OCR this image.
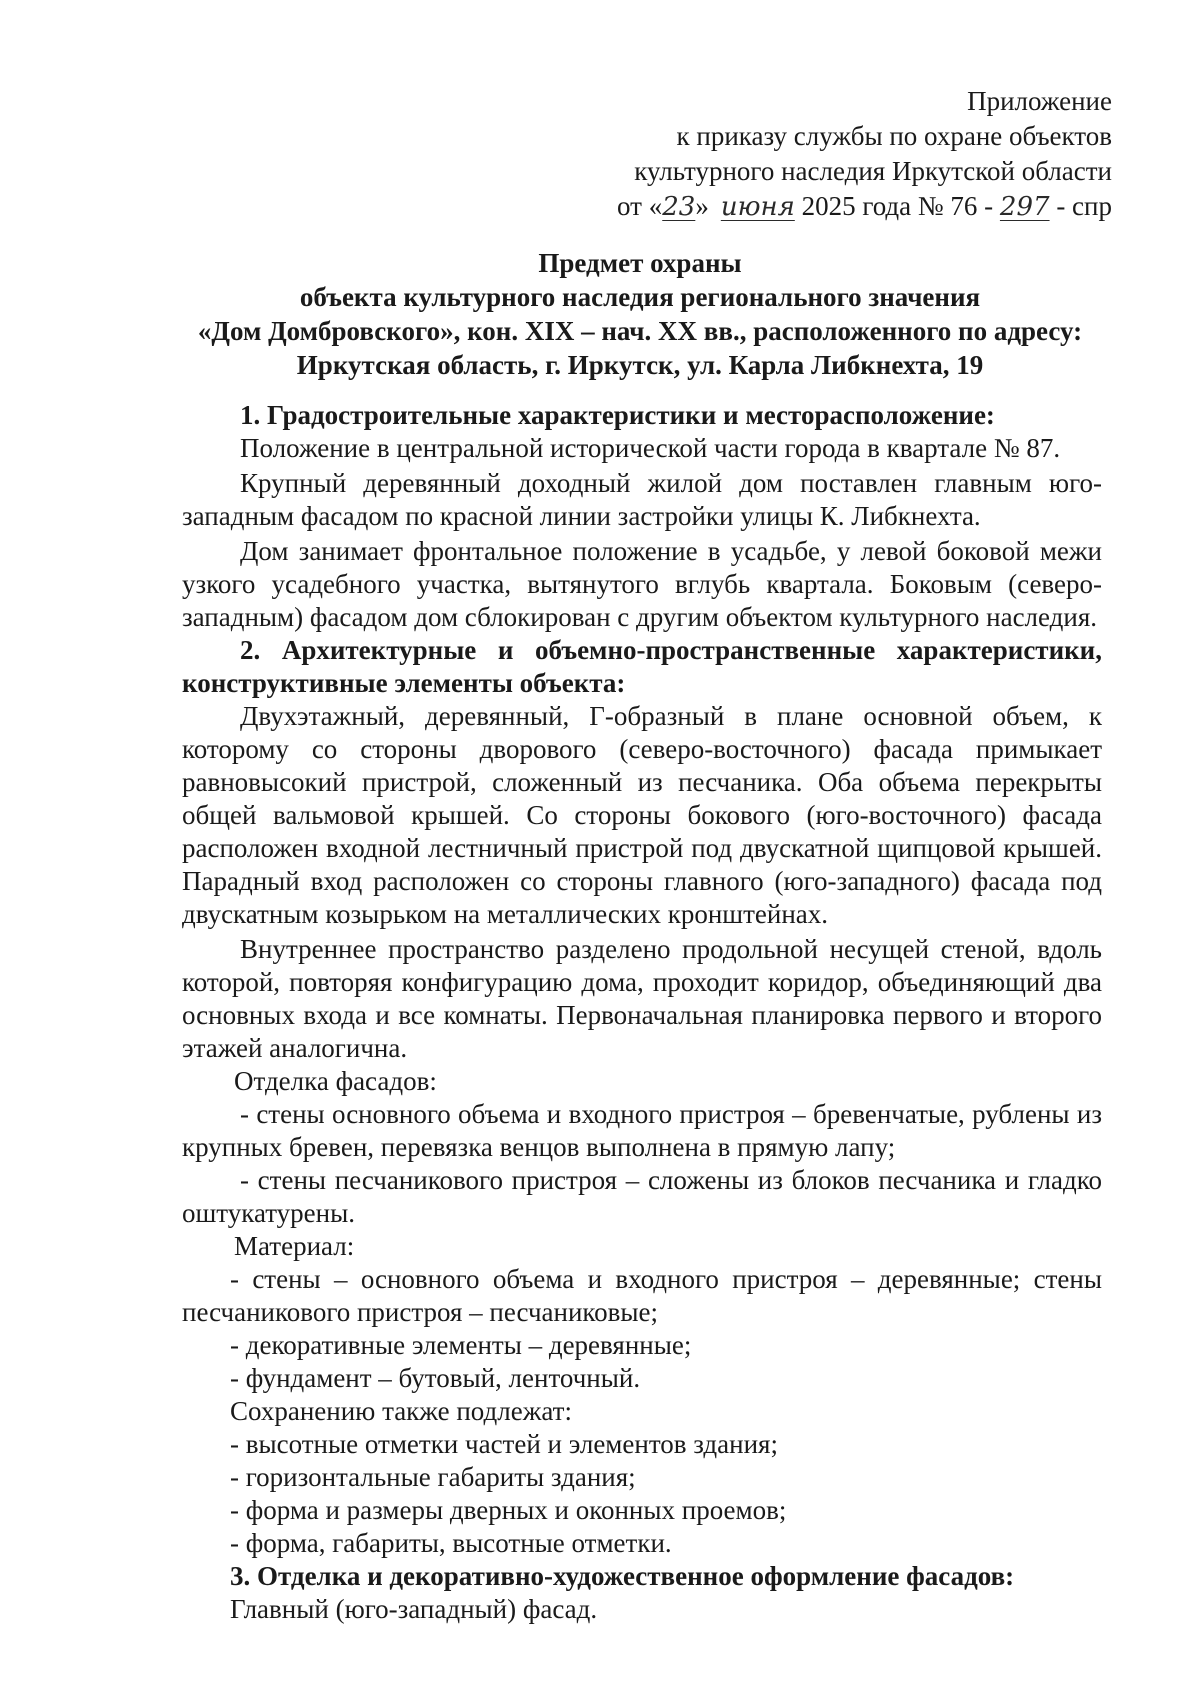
Приложение
к приказу службы по охране объектов
культурного наследия Иркутской области
от «23» июня 2025 года № 76 - 297 - спр
Предмет охраны
объекта культурного наследия регионального значения
«Дом Домбровского», кон. XIX – нач. XX вв., расположенного по адресу:
Иркутская область, г. Иркутск, ул. Карла Либкнехта, 19

1. Градостроительные характеристики и месторасположение:

Положение в центральной исторической части города в квартале № 87.

Крупный деревянный доходный жилой дом поставлен главным юго-западным фасадом по красной линии застройки улицы К. Либкнехта.

Дом занимает фронтальное положение в усадьбе, у левой боковой межи узкого усадебного участка, вытянутого вглубь квартала. Боковым (северо-западным) фасадом дом сблокирован с другим объектом культурного наследия.

2. Архитектурные и объемно-пространственные характеристики, конструктивные элементы объекта:

Двухэтажный, деревянный, Г-образный в плане основной объем, к которому со стороны дворового (северо-восточного) фасада примыкает равновысокий пристрой, сложенный из песчаника. Оба объема перекрыты общей вальмовой крышей. Со стороны бокового (юго-восточного) фасада расположен входной лестничный пристрой под двускатной щипцовой крышей. Парадный вход расположен со стороны главного (юго-западного) фасада под двускатным козырьком на металлических кронштейнах.

Внутреннее пространство разделено продольной несущей стеной, вдоль которой, повторяя конфигурацию дома, проходит коридор, объединяющий два основных входа и все комнаты. Первоначальная планировка первого и второго этажей аналогична.

Отделка фасадов:

- стены основного объема и входного пристроя – бревенчатые, рублены из крупных бревен, перевязка венцов выполнена в прямую лапу;

- стены песчаникового пристроя – сложены из блоков песчаника и гладко оштукатурены.

Материал:

- стены – основного объема и входного пристроя – деревянные; стены песчаникового пристроя – песчаниковые;

- декоративные элементы – деревянные;

- фундамент – бутовый, ленточный.

Сохранению также подлежат:

- высотные отметки частей и элементов здания;

- горизонтальные габариты здания;

- форма и размеры дверных и оконных проемов;

- форма, габариты, высотные отметки.

3. Отделка и декоративно-художественное оформление фасадов:

Главный (юго-западный) фасад.
